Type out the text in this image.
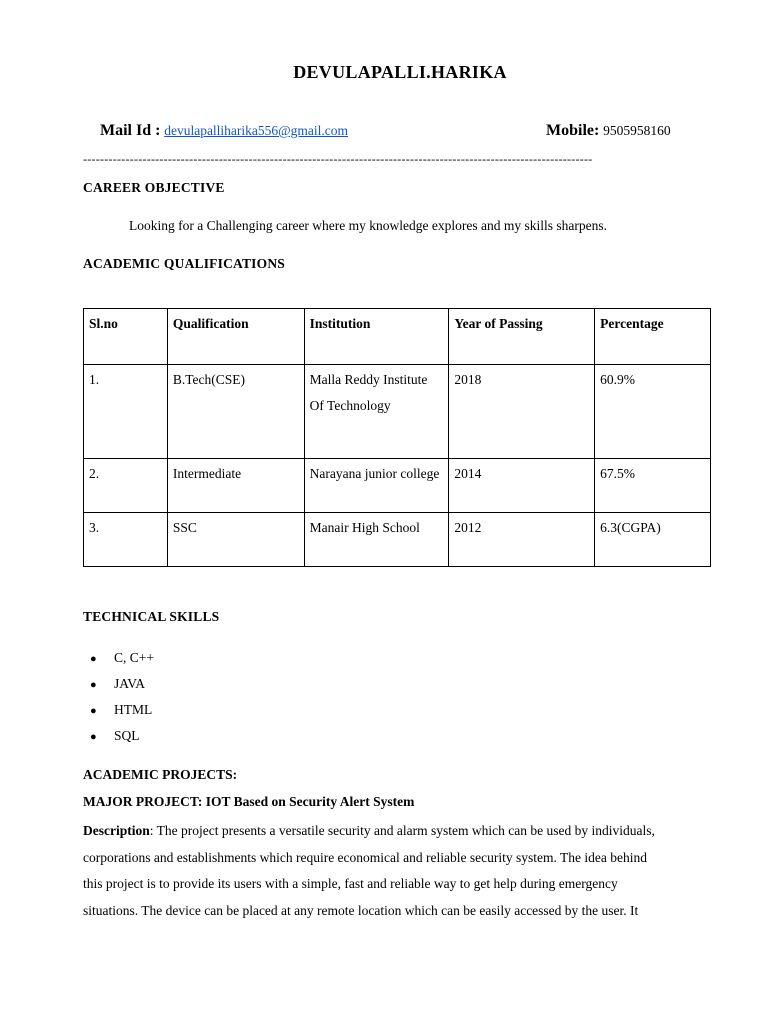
DEVULAPALLI.HARIKA
Mail Id : devulapalliharika556@gmail.com	Mobile: 9505958160
------------------------------------------------------------------------------------------------------------------------
CAREER OBJECTIVE
Looking for a Challenging career where my knowledge explores and my skills sharpens.
ACADEMIC QUALIFICATIONS
Sl.no	Qualification	Institution	Year of Passing	Percentage
1.	B.Tech(CSE)	Malla Reddy Institute Of Technology	2018	60.9%
2.	Intermediate	Narayana junior college	2014	67.5%
3.	SSC	Manair High School	2012	6.3(CGPA)
TECHNICAL SKILLS
● C, C++
● JAVA
● HTML
● SQL
ACADEMIC PROJECTS:
MAJOR PROJECT: IOT Based on Security Alert System
Description: The project presents a versatile security and alarm system which can be used by individuals,
corporations and establishments which require economical and reliable security system. The idea behind
this project is to provide its users with a simple, fast and reliable way to get help during emergency
situations. The device can be placed at any remote location which can be easily accessed by the user. It
